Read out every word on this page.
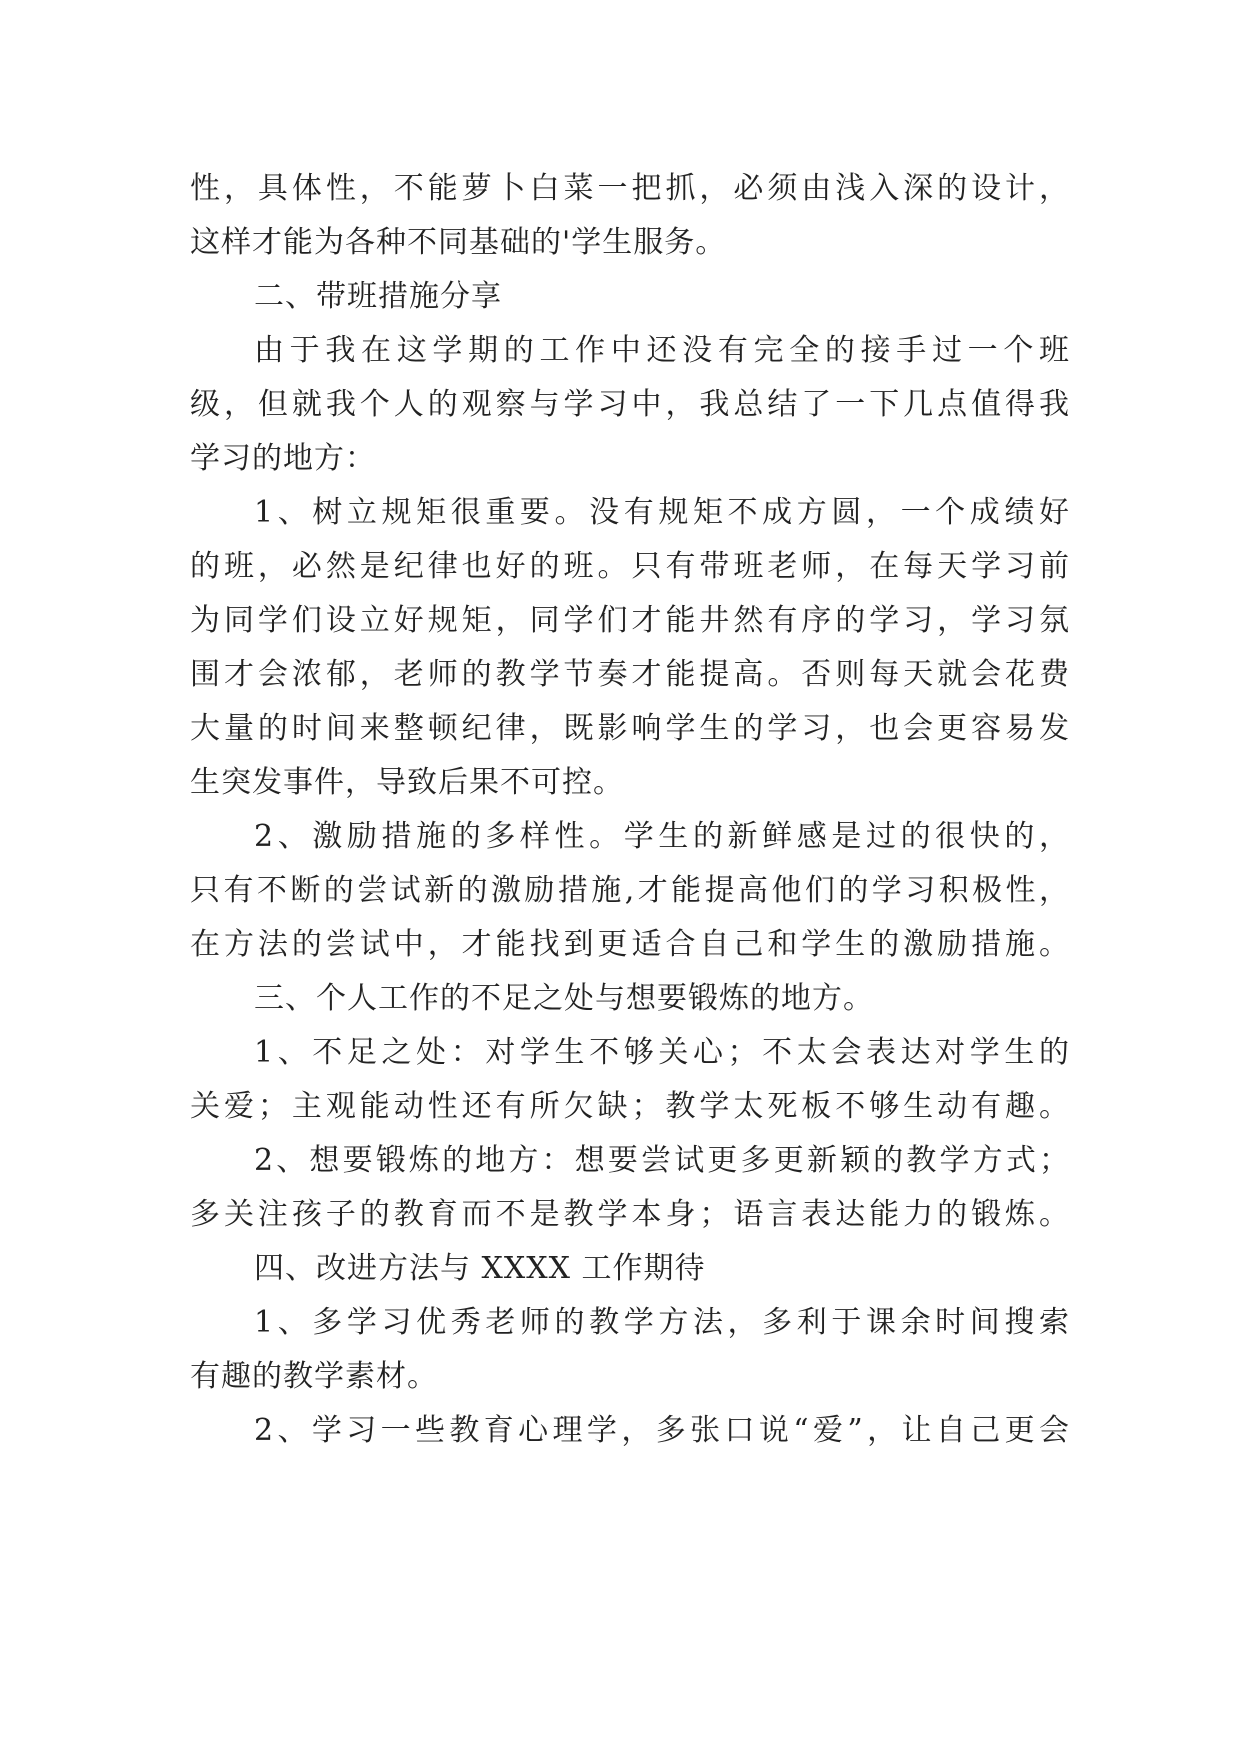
性，具体性，不能萝卜白菜一把抓，必须由浅入深的设计，
这样才能为各种不同基础的'学生服务。
二、带班措施分享
由于我在这学期的工作中还没有完全的接手过一个班
级，但就我个人的观察与学习中，我总结了一下几点值得我
学习的地方：
1、树立规矩很重要。没有规矩不成方圆，一个成绩好
的班，必然是纪律也好的班。只有带班老师，在每天学习前
为同学们设立好规矩，同学们才能井然有序的学习，学习氛
围才会浓郁，老师的教学节奏才能提高。否则每天就会花费
大量的时间来整顿纪律，既影响学生的学习，也会更容易发
生突发事件，导致后果不可控。
2、激励措施的多样性。学生的新鲜感是过的很快的，
只有不断的尝试新的激励措施,才能提高他们的学习积极性，
在方法的尝试中，才能找到更适合自己和学生的激励措施。
三、个人工作的不足之处与想要锻炼的地方。
1、不足之处：对学生不够关心；不太会表达对学生的
关爱；主观能动性还有所欠缺；教学太死板不够生动有趣。
2、想要锻炼的地方：想要尝试更多更新颖的教学方式；
多关注孩子的教育而不是教学本身；语言表达能力的锻炼。
四、改进方法与 XXXX 工作期待
1、多学习优秀老师的教学方法，多利于课余时间搜索
有趣的教学素材。
2、学习一些教育心理学，多张口说“爱”，让自己更会
